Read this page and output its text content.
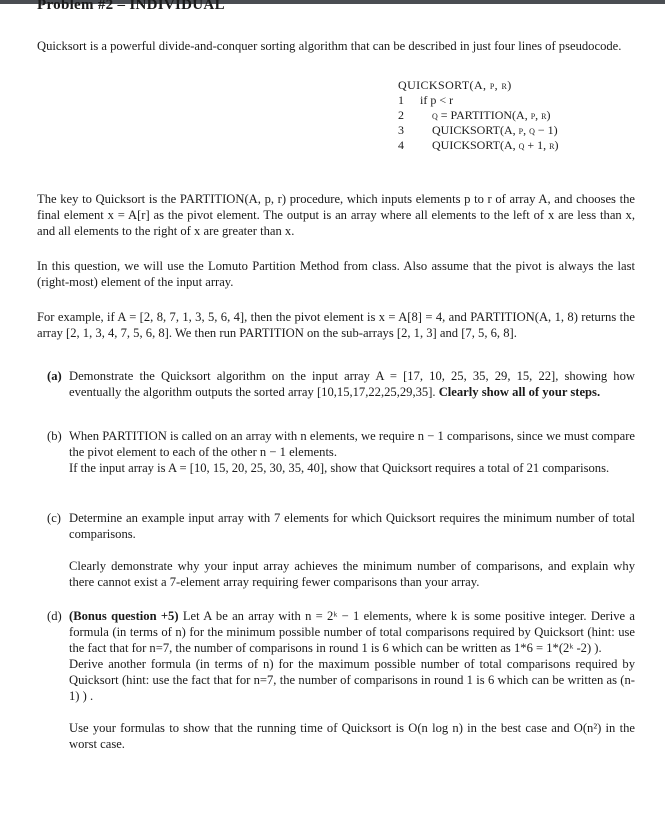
Problem #2 – INDIVIDUAL
Quicksort is a powerful divide-and-conquer sorting algorithm that can be described in just four lines of pseudocode.
QUICKSORT(A, p, r)
1	if p < r
2	q = PARTITION(A, p, r)
3	QUICKSORT(A, p, q − 1)
4	QUICKSORT(A, q + 1, r)
The key to Quicksort is the PARTITION(A, p, r) procedure, which inputs elements p to r of array A, and chooses the final element x = A[r] as the pivot element. The output is an array where all elements to the left of x are less than x, and all elements to the right of x are greater than x.
In this question, we will use the Lomuto Partition Method from class. Also assume that the pivot is always the last (right-most) element of the input array.
For example, if A = [2, 8, 7, 1, 3, 5, 6, 4], then the pivot element is x = A[8] = 4, and PARTITION(A, 1, 8) returns the array [2, 1, 3, 4, 7, 5, 6, 8]. We then run PARTITION on the sub-arrays [2, 1, 3] and [7, 5, 6, 8].
(a) Demonstrate the Quicksort algorithm on the input array A = [17, 10, 25, 35, 29, 15, 22], showing how eventually the algorithm outputs the sorted array [10,15,17,22,25,29,35]. Clearly show all of your steps.

(b) When PARTITION is called on an array with n elements, we require n − 1 comparisons, since we must compare the pivot element to each of the other n − 1 elements.

If the input array is A = [10, 15, 20, 25, 30, 35, 40], show that Quicksort requires a total of 21 comparisons.

(c) Determine an example input array with 7 elements for which Quicksort requires the minimum number of total comparisons.

Clearly demonstrate why your input array achieves the minimum number of comparisons, and explain why there cannot exist a 7-element array requiring fewer comparisons than your array.

(d) (Bonus question +5) Let A be an array with n = 2ᵏ − 1 elements, where k is some positive integer. Derive a formula (in terms of n) for the minimum possible number of total comparisons required by Quicksort (hint: use the fact that for n=7, the number of comparisons in round 1 is 6 which can be written as 1*6 = 1*(2ᵏ -2) ).

Derive another formula (in terms of n) for the maximum possible number of total comparisons required by Quicksort (hint: use the fact that for n=7, the number of comparisons in round 1 is 6 which can be written as (n-1) ) .

Use your formulas to show that the running time of Quicksort is O(n log n) in the best case and O(n²) in the worst case.
